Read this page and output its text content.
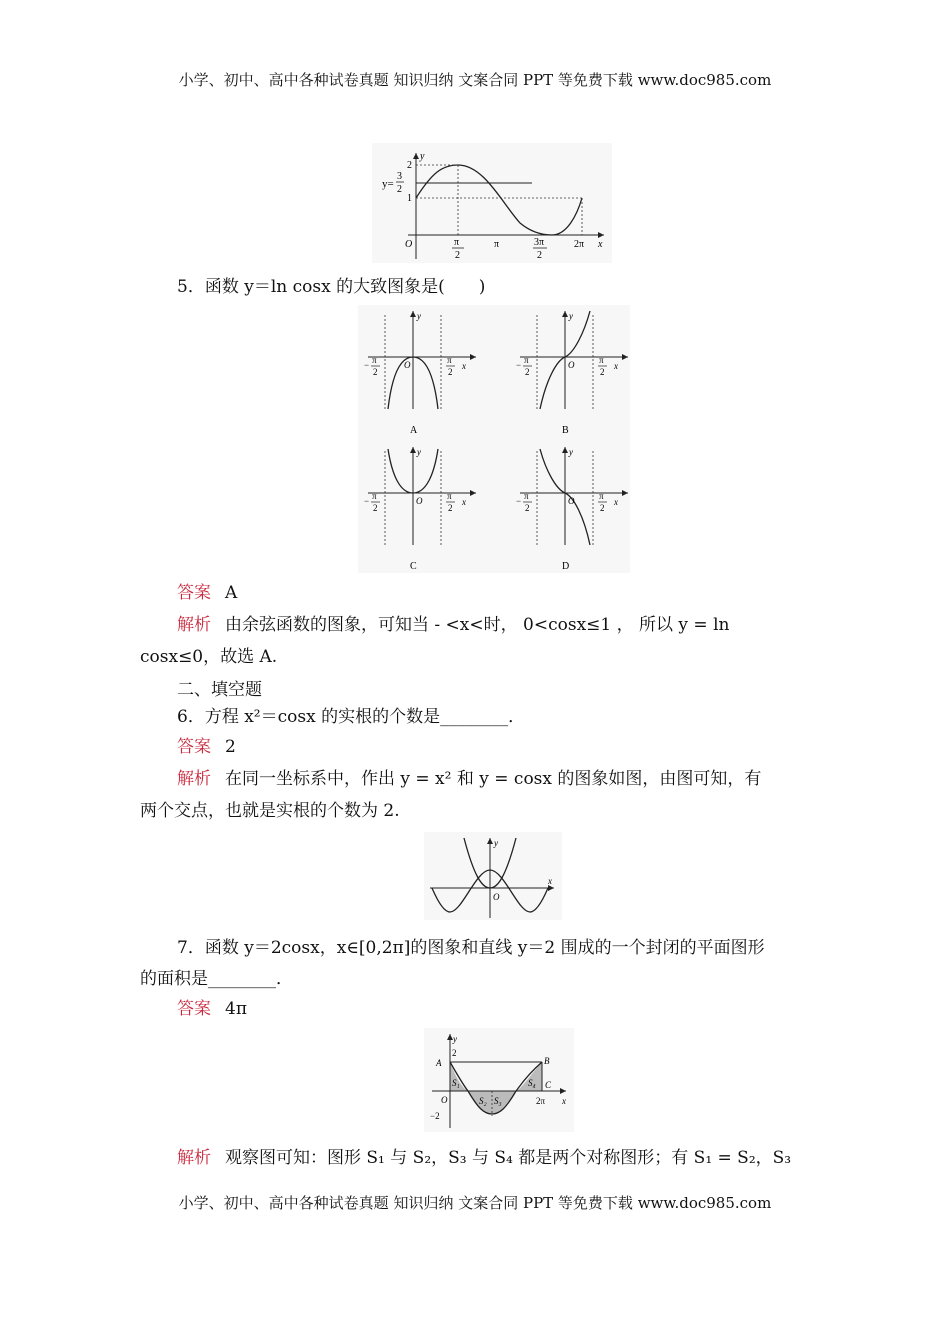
小学、初中、高中各种试卷真题 知识归纳 文案合同 PPT 等免费下载 www.doc985.com
y=
3
2
2
1
O
y
x
π
2
π	3π
2
2π
5．函数 y＝ln cosx 的大致图象是(　　)
y
x
O
− π
2
π
2
A
y
x
O
− π
2
π
2
B
y
x
O
− π
2
π
2
C
y
x
O
− π
2
π
2
D
答案 A
解析 由余弦函数的图象，可知当 - <x<时， 0<cosx≤1 ， 所以 y = ln
cosx≤0，故选 A.
二、填空题
6．方程 x²＝cosx 的实根的个数是________．
答案 2
解析 在同一坐标系中，作出 y = x² 和 y = cosx 的图象如图，由图可知，有
两个交点，也就是实根的个数为 2.
y
x
O
7．函数 y＝2cosx，x∈[0,2π]的图象和直线 y＝2 围成的一个封闭的平面图形
的面积是________．
答案 4π
y
2
A	B
C
O
−2
2π x
S₁
S₂ S₃
S₄
解析 观察图可知：图形 S₁ 与 S₂，S₃ 与 S₄ 都是两个对称图形；有 S₁ = S₂，S₃
小学、初中、高中各种试卷真题 知识归纳 文案合同 PPT 等免费下载 www.doc985.com
